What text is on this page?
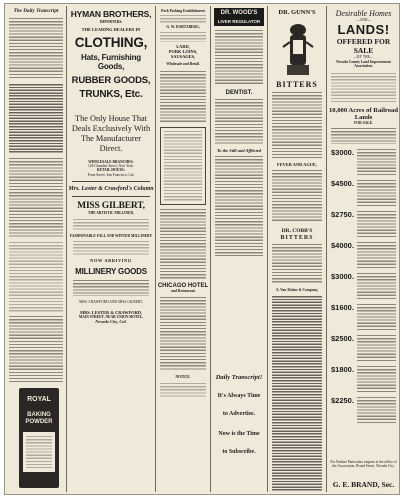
The Daily Transcript
ROYAL
BAKING
POWDER
HYMAN BROTHERS,
IMPORTERS.
THE LEADING DEALERS IN
CLOTHING,
Hats, Furnishing Goods,
RUBBER GOODS,
TRUNKS, Etc.
The Only House That
Deals Exclusively With
The Manufacturer
Direct.
WHOLESALE BRANCHES:
128 Chamber Street, New York.
RETAIL HOUSE:
Front Street, San Francisco, Cal.
Mrs. Lester & Crawford's Column
MISS GILBERT,
THE ARTISTIC MILLINER,
FASHIONABLE FALL AND WINTER MILLINERY
NOW ARRIVING
MILLINERY GOODS
MRS. CRAWFORD AND MISS GILBERT,
MRS. LESTER & CRAWFORD,
MAIN STREET, NEAR UNION HOTEL,
Nevada City, Cal.
Pork Packing Establishment
G. W. HARTZBERG,
LARD,
PORK LOINS,
SAUSAGES,
Wholesale and Retail.
CHICAGO HOTEL
and Restaurant
NOTICE.
DR. WOOD'S
LIVER REGULATOR
DENTIST.
To the Still and Afflicted
Daily Transcript!
It's Always Time
to Advertise.
Now is the Time
to Subscribe.
DR. GUNN'S
BITTERS
FEVER AND AGUE,
DR. COBB'S
BITTERS
A. Van Alstine & Company,
Desirable Homes
—AND—
LANDS!
OFFERED FOR SALE
—BY THE—
Nevada County Land Improvement Association.
10,000 Acres of Railroad Lands
FOR SALE.
$3000.
$4500.
$2750.
$4000.
$3000.
$1600.
$2500.
$1800.
$2250.
For Further Particulars enquire at the office of the Association, Broad Street, Nevada City.
G. E. BRAND, Sec.
